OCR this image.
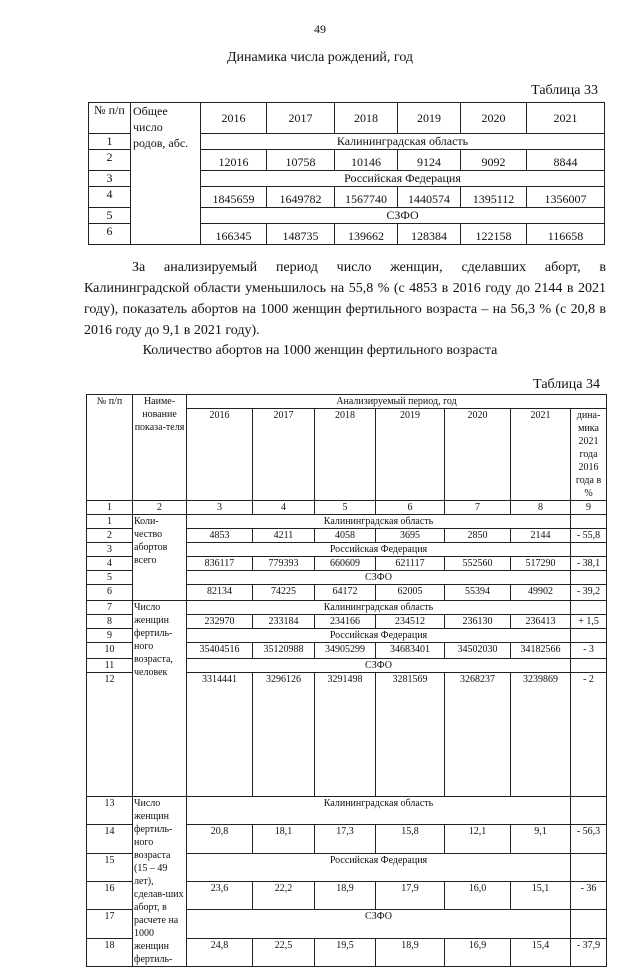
49
Динамика числа рождений, год
Таблица 33
№ п/п	Общее число родов, абс.	2016	2017	2018	2019	2020	2021
1		Калининградская область					
2		12016	10758	10146	9124	9092	8844
3		Российская Федерация					
4		1845659	1649782	1567740	1440574	1395112	1356007
5		СЗФО					
6		166345	148735	139662	128384	122158	116658
За анализируемый период число женщин, сделавших аборт, в Калининградской области уменьшилось на 55,8 % (с 4853 в 2016 году до 2144 в 2021 году), показатель абортов на 1000 женщин фертильного возраста – на 56,3 % (с 20,8 в 2016 году до 9,1 в 2021 году).
Количество абортов на 1000 женщин фертильного возраста
Таблица 34
№ п/п	Наиме-нование показа-теля	Анализируемый период, год						
		2016	2017	2018	2019	2020	2021	дина-мика 2021 года 2016 года в %
1	2	3	4	5	6	7	8	9
1	Коли-чество абортов всего	Калининградская область						
2		4853	4211	4058	3695	2850	2144	- 55,8
3		Российская Федерация						
4		836117	779393	660609	621117	552560	517290	- 38,1
5		СЗФО						
6		82134	74225	64172	62005	55394	49902	- 39,2
7	Число женщин фертиль-ного возраста, человек	Калининградская область						
8		232970	233184	234166	234512	236130	236413	+ 1,5
9		Российская Федерация						
10		35404516	35120988	34905299	34683401	34502030	34182566	- 3
11		СЗФО						
12		3314441	3296126	3291498	3281569	3268237	3239869	- 2
13	Число женщин фертиль-ного возраста (15 – 49 лет), сделав-ших аборт, в расчете на 1000 женщин фертиль-	Калининградская область						
14		20,8	18,1	17,3	15,8	12,1	9,1	- 56,3
15		Российская Федерация						
16		23,6	22,2	18,9	17,9	16,0	15,1	- 36
17		СЗФО						
18		24,8	22,5	19,5	18,9	16,9	15,4	- 37,9
